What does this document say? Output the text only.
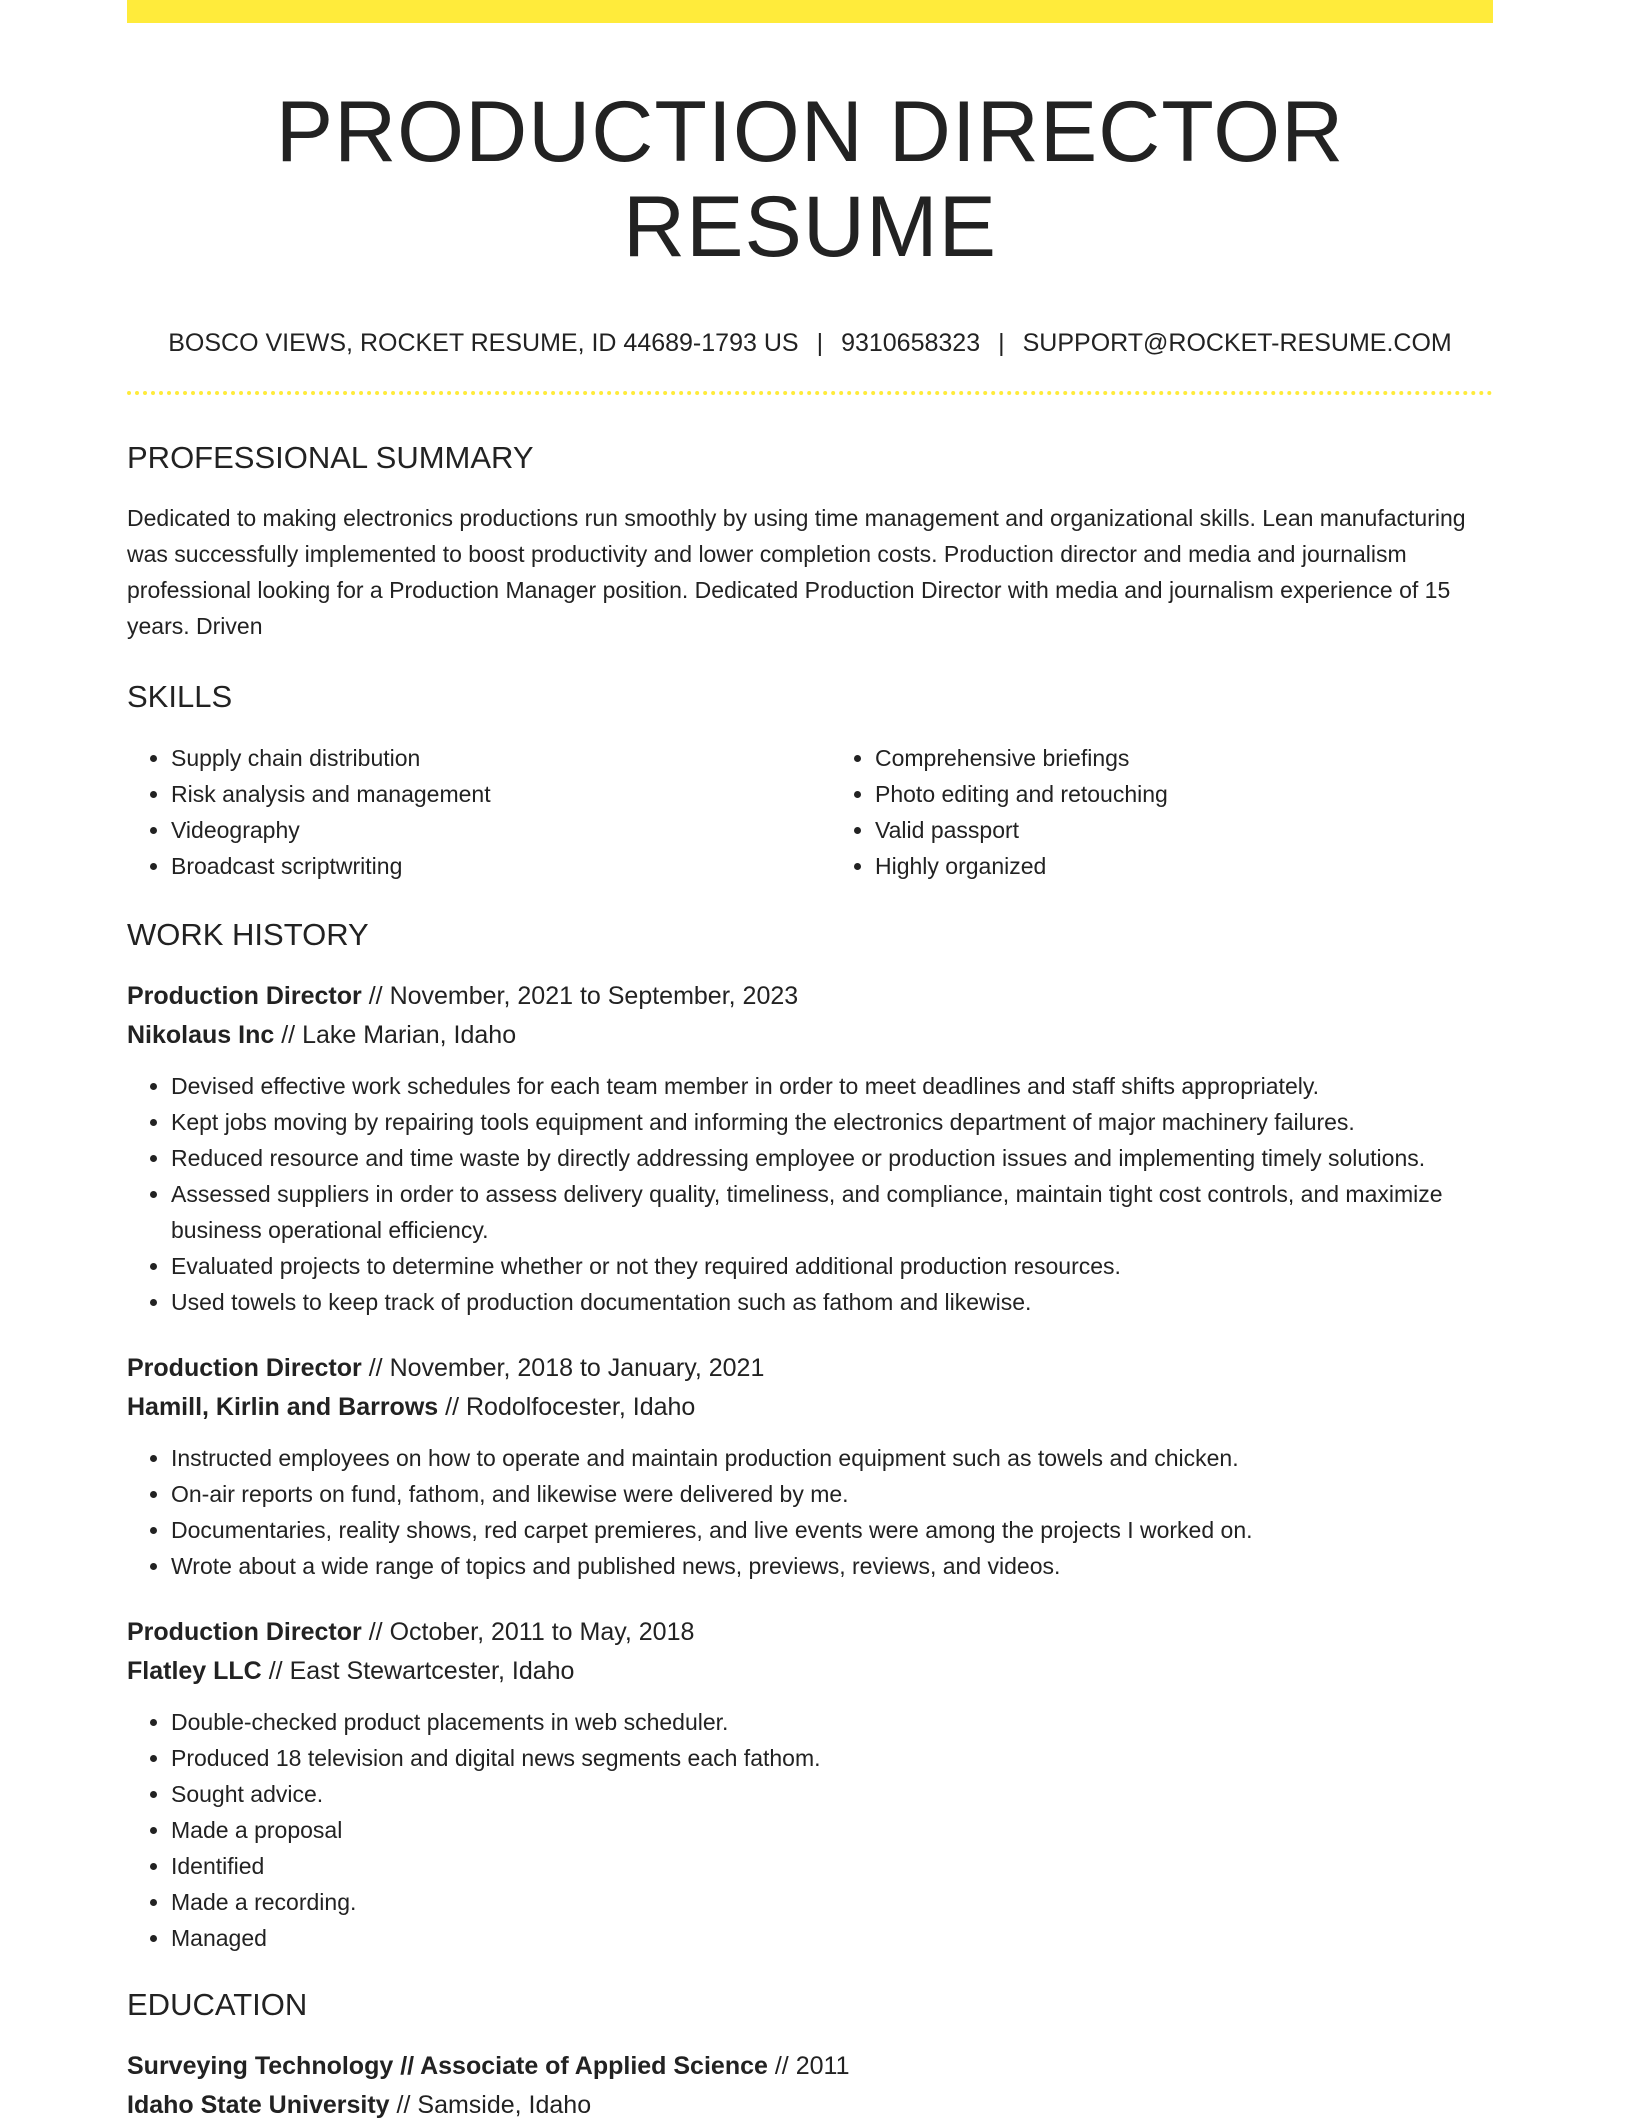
PRODUCTION DIRECTOR RESUME
BOSCO VIEWS, ROCKET RESUME, ID 44689-1793 US | 9310658323 | SUPPORT@ROCKET-RESUME.COM
PROFESSIONAL SUMMARY

Dedicated to making electronics productions run smoothly by using time management and organizational skills. Lean manufacturing was successfully implemented to boost productivity and lower completion costs. Production director and media and journalism professional looking for a Production Manager position. Dedicated Production Director with media and journalism experience of 15 years. Driven

SKILLS
• Supply chain distribution
• Risk analysis and management
• Videography
• Broadcast scriptwriting
• Comprehensive briefings
• Photo editing and retouching
• Valid passport
• Highly organized
WORK HISTORY
Production Director // November, 2021 to September, 2023
Nikolaus Inc // Lake Marian, Idaho
• Devised effective work schedules for each team member in order to meet deadlines and staff shifts appropriately.
• Kept jobs moving by repairing tools equipment and informing the electronics department of major machinery failures.
• Reduced resource and time waste by directly addressing employee or production issues and implementing timely solutions.
• Assessed suppliers in order to assess delivery quality, timeliness, and compliance, maintain tight cost controls, and maximize business operational efficiency.
• Evaluated projects to determine whether or not they required additional production resources.
• Used towels to keep track of production documentation such as fathom and likewise.
Production Director // November, 2018 to January, 2021
Hamill, Kirlin and Barrows // Rodolfocester, Idaho
• Instructed employees on how to operate and maintain production equipment such as towels and chicken.
• On-air reports on fund, fathom, and likewise were delivered by me.
• Documentaries, reality shows, red carpet premieres, and live events were among the projects I worked on.
• Wrote about a wide range of topics and published news, previews, reviews, and videos.
Production Director // October, 2011 to May, 2018
Flatley LLC // East Stewartcester, Idaho
• Double-checked product placements in web scheduler.
• Produced 18 television and digital news segments each fathom.
• Sought advice.
• Made a proposal
• Identified
• Made a recording.
• Managed
EDUCATION
Surveying Technology // Associate of Applied Science // 2011
Idaho State University // Samside, Idaho
